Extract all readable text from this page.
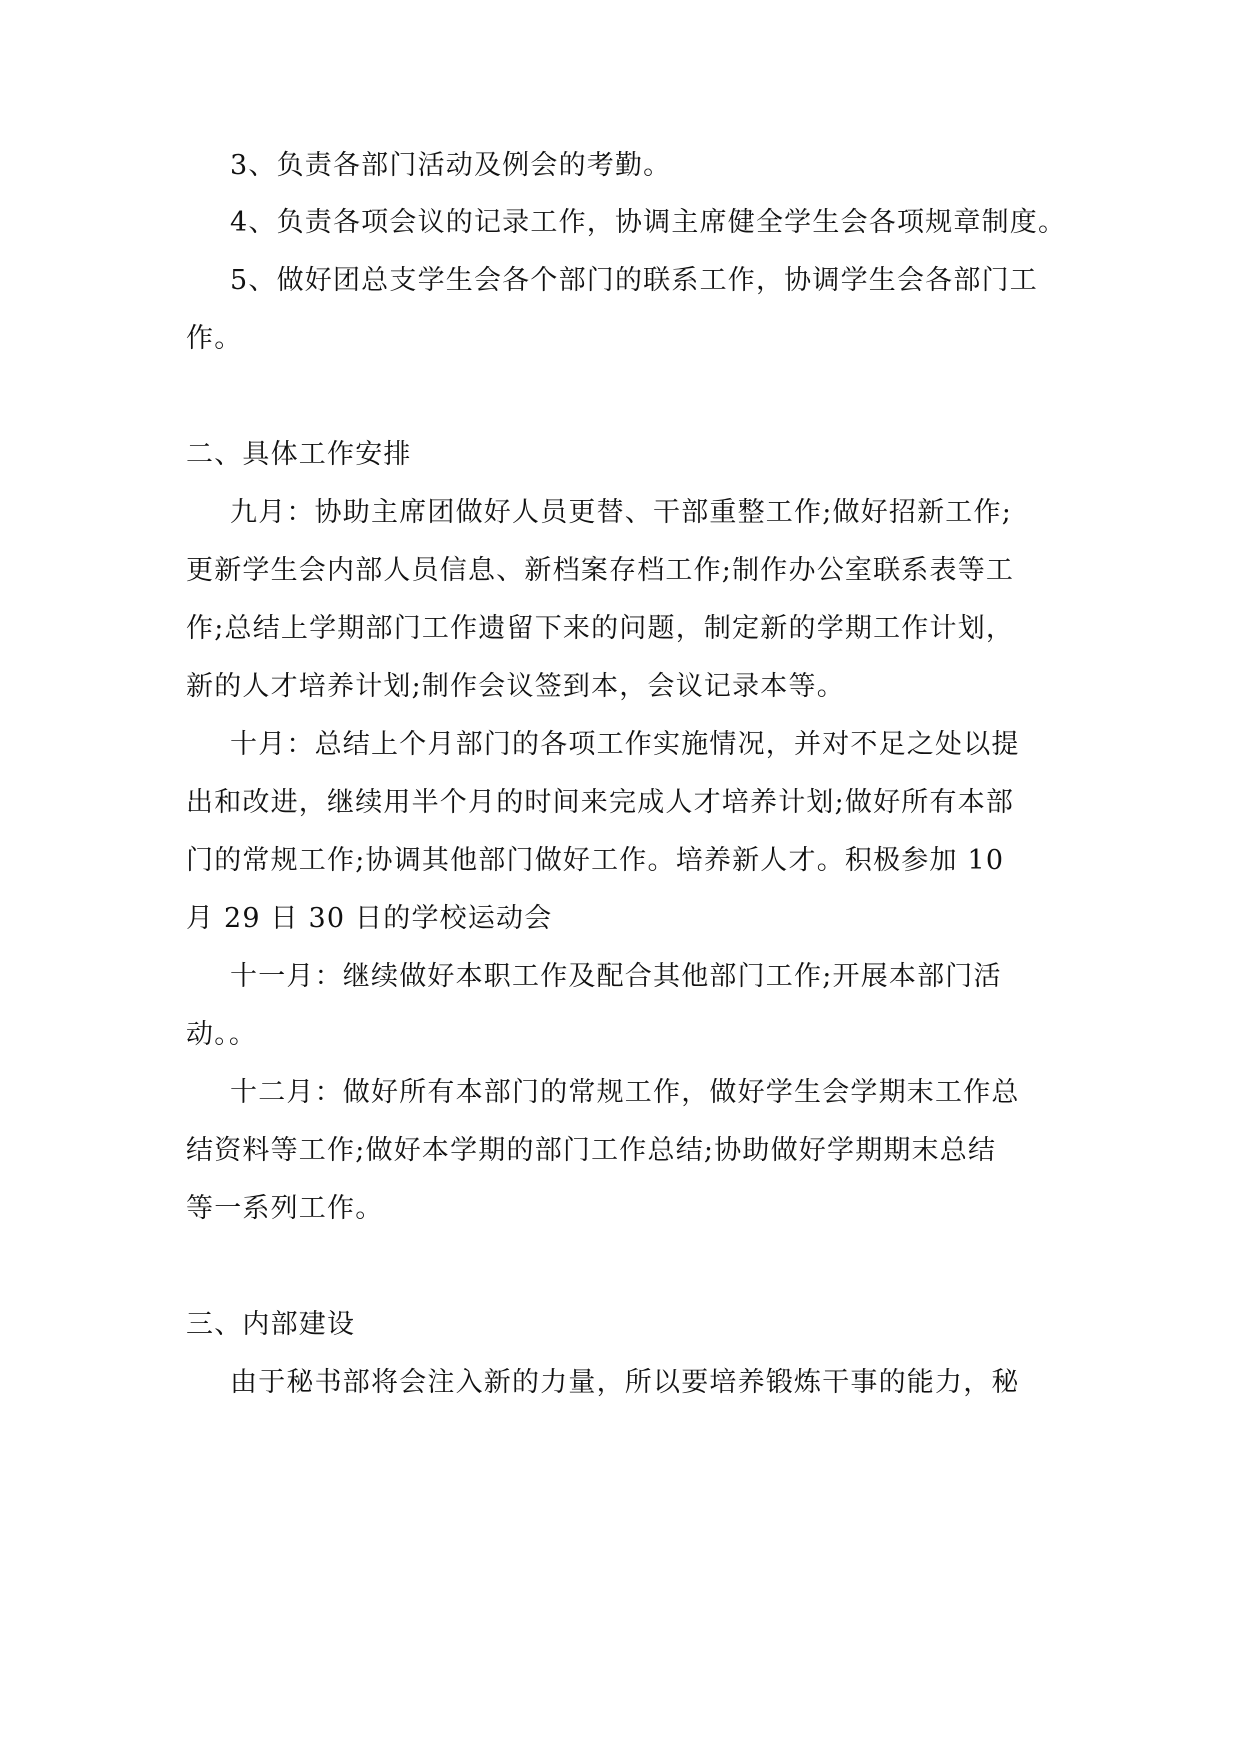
3、负责各部门活动及例会的考勤。
4、负责各项会议的记录工作，协调主席健全学生会各项规章制度。
5、做好团总支学生会各个部门的联系工作，协调学生会各部门工
作。
二、具体工作安排
九月：协助主席团做好人员更替、干部重整工作;做好招新工作;
更新学生会内部人员信息、新档案存档工作;制作办公室联系表等工
作;总结上学期部门工作遗留下来的问题，制定新的学期工作计划，
新的人才培养计划;制作会议签到本，会议记录本等。
十月：总结上个月部门的各项工作实施情况，并对不足之处以提
出和改进，继续用半个月的时间来完成人才培养计划;做好所有本部
门的常规工作;协调其他部门做好工作。培养新人才。积极参加 10
月 29 日 30 日的学校运动会
十一月：继续做好本职工作及配合其他部门工作;开展本部门活
动。。
十二月：做好所有本部门的常规工作，做好学生会学期末工作总
结资料等工作;做好本学期的部门工作总结;协助做好学期期末总结
等一系列工作。
三、内部建设
由于秘书部将会注入新的力量，所以要培养锻炼干事的能力，秘
